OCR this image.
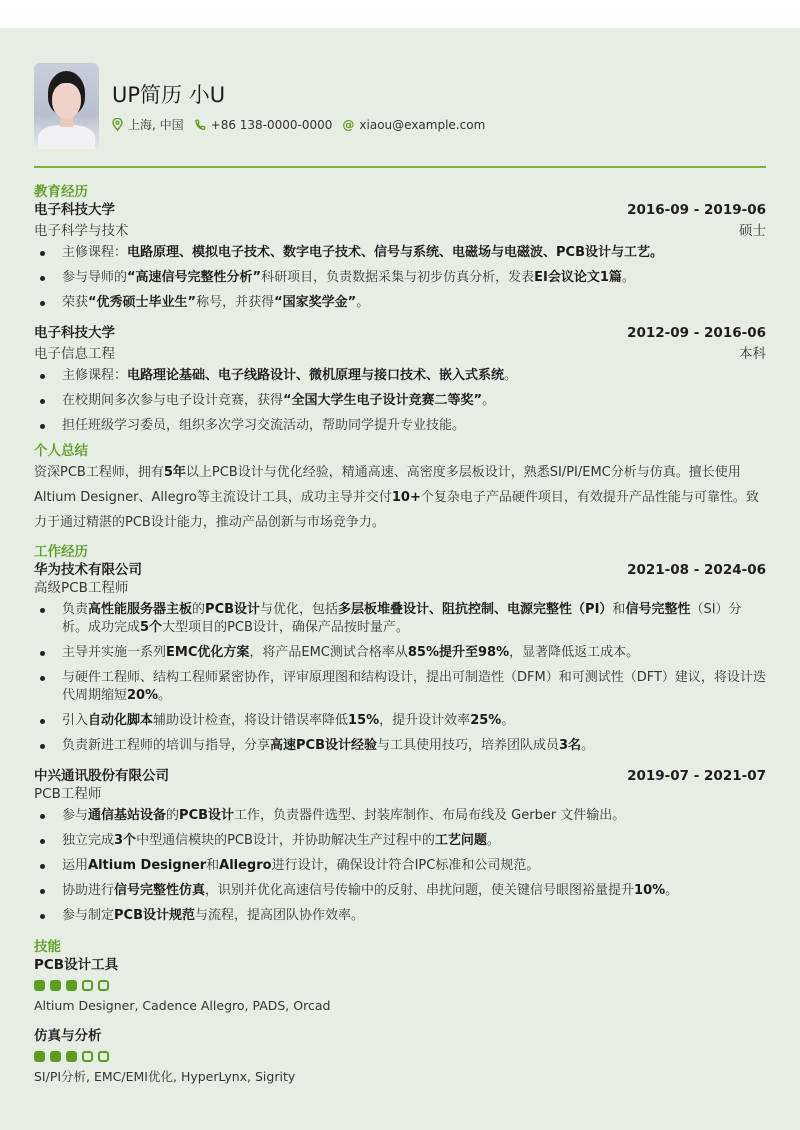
UP简历 小U
上海, 中国 +86 138-0000-0000 @ xiaou@example.com
教育经历
电子科技大学	2016-09 - 2019-06
电子科学与技术	硕士
主修课程：电路原理、模拟电子技术、数字电子技术、信号与系统、电磁场与电磁波、PCB设计与工艺。
参与导师的“高速信号完整性分析”科研项目，负责数据采集与初步仿真分析，发表EI会议论文1篇。
荣获“优秀硕士毕业生”称号，并获得“国家奖学金”。
电子科技大学	2012-09 - 2016-06
电子信息工程	本科
主修课程：电路理论基础、电子线路设计、微机原理与接口技术、嵌入式系统。
在校期间多次参与电子设计竞赛，获得“全国大学生电子设计竞赛二等奖”。
担任班级学习委员，组织多次学习交流活动，帮助同学提升专业技能。
个人总结
资深PCB工程师，拥有5年以上PCB设计与优化经验，精通高速、高密度多层板设计，熟悉SI/PI/EMC分析与仿真。擅长使用Altium Designer、Allegro等主流设计工具，成功主导并交付10+个复杂电子产品硬件项目，有效提升产品性能与可靠性。致力于通过精湛的PCB设计能力，推动产品创新与市场竞争力。
工作经历
华为技术有限公司	2021-08 - 2024-06
高级PCB工程师
负责高性能服务器主板的PCB设计与优化，包括多层板堆叠设计、阻抗控制、电源完整性（PI）和信号完整性（SI）分析。成功完成5个大型项目的PCB设计，确保产品按时量产。
主导并实施一系列EMC优化方案，将产品EMC测试合格率从85%提升至98%，显著降低返工成本。
与硬件工程师、结构工程师紧密协作，评审原理图和结构设计，提出可制造性（DFM）和可测试性（DFT）建议，将设计迭代周期缩短20%。
引入自动化脚本辅助设计检查，将设计错误率降低15%，提升设计效率25%。
负责新进工程师的培训与指导，分享高速PCB设计经验与工具使用技巧，培养团队成员3名。
中兴通讯股份有限公司	2019-07 - 2021-07
PCB工程师
参与通信基站设备的PCB设计工作，负责器件选型、封装库制作、布局布线及 Gerber 文件输出。
独立完成3个中型通信模块的PCB设计，并协助解决生产过程中的工艺问题。
运用Altium Designer和Allegro进行设计，确保设计符合IPC标准和公司规范。
协助进行信号完整性仿真，识别并优化高速信号传输中的反射、串扰问题，使关键信号眼图裕量提升10%。
参与制定PCB设计规范与流程，提高团队协作效率。
技能
PCB设计工具
Altium Designer, Cadence Allegro, PADS, Orcad
仿真与分析
SI/PI分析, EMC/EMI优化, HyperLynx, Sigrity
